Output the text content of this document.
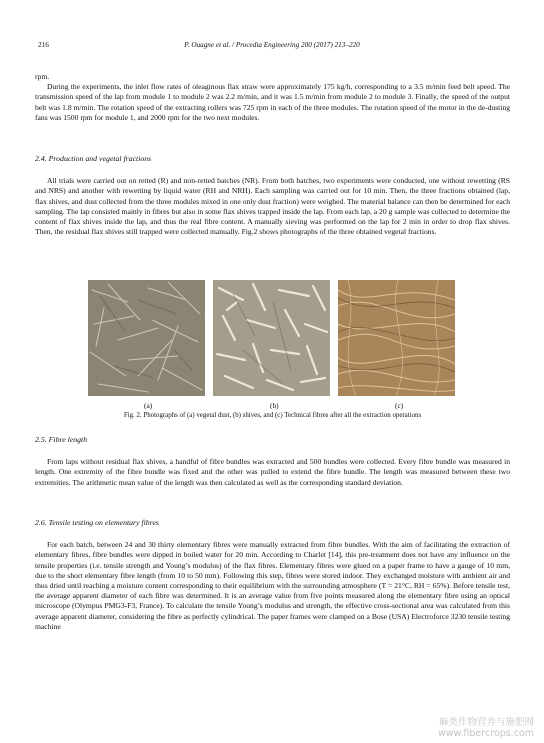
216	P. Ouagne et al. / Procedia Engineering 200 (2017) 213–220

rpm.

During the experiments, the inlet flow rates of oleaginous flax straw were approximately 175 kg/h, corresponding to a 3.5 m/min feed belt speed. The transmission speed of the lap from module 1 to module 2 was 2.2 m/min, and it was 1.5 m/min from module 2 to module 3. Finally, the speed of the output belt was 1.8 m/min. The rotation speed of the extracting rollers was 725 rpm in each of the three modules. The rotation speed of the motor in the de-dusting fans was 1500 rpm for module 1, and 2000 rpm for the two next modules.

2.4. Production and vegetal fractions

All trials were carried out on retted (R) and non-retted batches (NR). From both batches, two experiments were conducted, one without rewetting (RS and NRS) and another with rewetting by liquid water (RH and NRH). Each sampling was carried out for 10 min. Then, the three fractions obtained (lap, flax shives, and dust collected from the three modules mixed in one only dust fraction) were weighed. The material balance can then be determined for each sampling. The lap consisted mainly in fibres but also in some flax shives trapped inside the lap. From each lap, a 20 g sample was collected to determine the content of flax shives inside the lap, and thus the real fibre content. A manually sieving was performed on the lap for 2 min in order to drop flax shives. Then, the residual flax shives still trapped were collected manually. Fig.2 shows photographs of the three obtained vegetal fractions.

(a)	(b)	(c)
Fig. 2. Photographs of (a) vegetal dust, (b) shives, and (c) Technical fibres after all the extraction operations

2.5. Fibre length

From laps without residual flax shives, a handful of fibre bundles was extracted and 500 bundles were collected. Every fibre bundle was measured in length. One extremity of the fibre bundle was fixed and the other was pulled to extend the fibre bundle. The length was measured between these two extremities. The arithmetic mean value of the length was then calculated as well as the corresponding standard deviation.

2.6. Tensile testing on elementary fibres

For each batch, between 24 and 30 thirty elementary fibres were manually extracted from fibre bundles. With the aim of facilitating the extraction of elementary fibres, fibre bundles were dipped in boiled water for 20 min. According to Charlet [14], this pre-treatment does not have any influence on the tensile properties (i.e. tensile strength and Young’s modulus) of the flax fibres. Elementary fibres were glued on a paper frame to have a gauge of 10 mm, due to the short elementary fibre length (from 10 to 50 mm). Following this step, fibres were stored indoor. They exchanged moisture with ambient air and thus dried until reaching a moisture content corresponding to their equilibrium with the surrounding atmosphere (T = 21°C, RH = 65%). Before tensile test, the average apparent diameter of each fibre was determined. It is an average value from five points measured along the elementary fibre using an optical microscope (Olympus PMG3-F3, France). To calculate the tensile Young’s modulus and strength, the effective cross-sectional area was calculated from this average apparent diameter, considering the fibre as perfectly cylindrical. The paper frames were clamped on a Bose (USA) Electroforce 3230 tensile testing machine

麻类作物营养与施肥网
www.fibercrops.com
